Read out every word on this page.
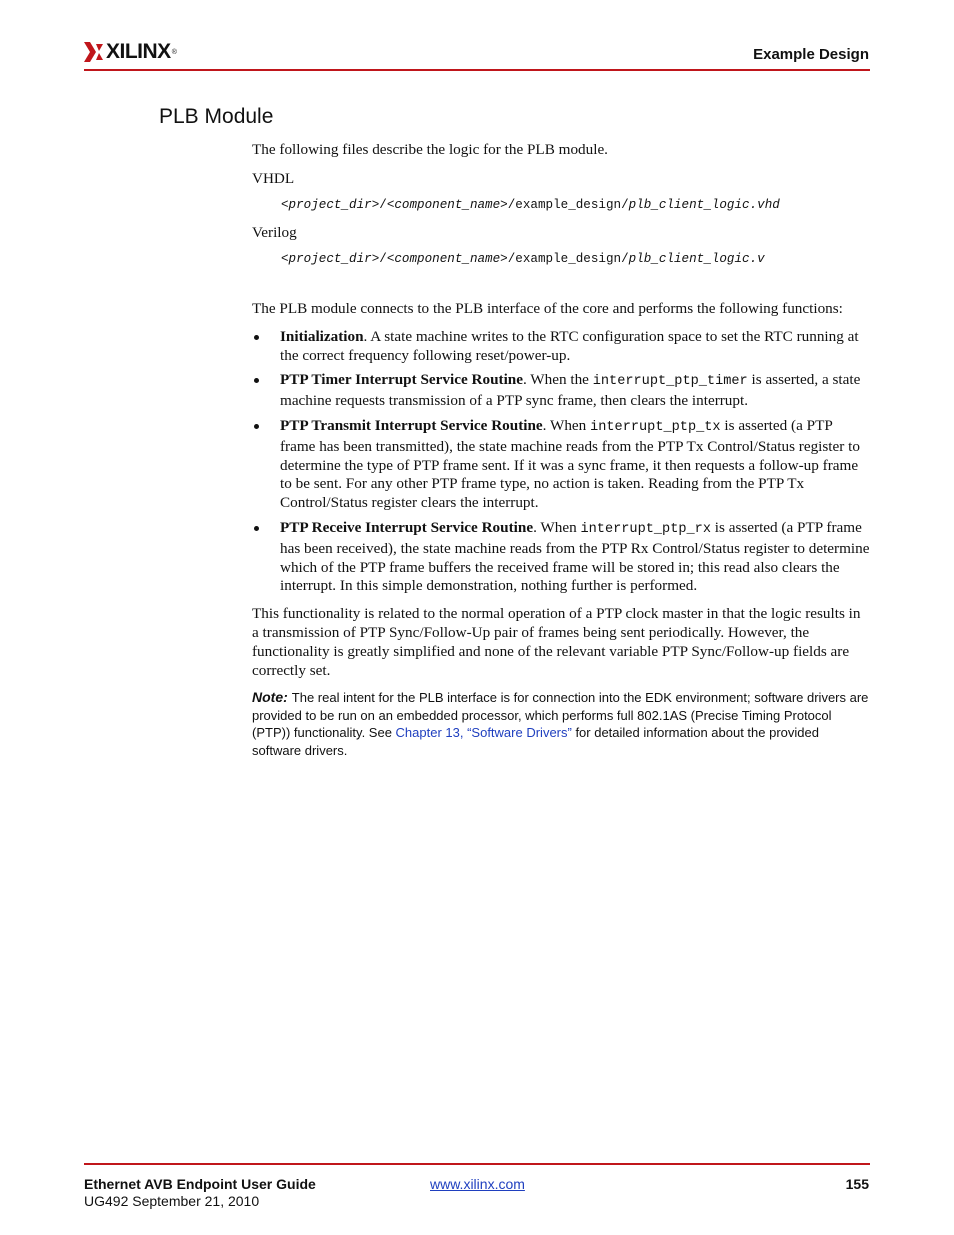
XILINX ®	Example Design
PLB Module

The following files describe the logic for the PLB module.

VHDL

<project_dir>/<component_name>/example_design/plb_client_logic.vhd

Verilog

<project_dir>/<component_name>/example_design/plb_client_logic.v

The PLB module connects to the PLB interface of the core and performs the following functions:

Initialization. A state machine writes to the RTC configuration space to set the RTC running at the correct frequency following reset/power-up.
PTP Timer Interrupt Service Routine. When the interrupt_ptp_timer is asserted, a state machine requests transmission of a PTP sync frame, then clears the interrupt.
PTP Transmit Interrupt Service Routine. When interrupt_ptp_tx is asserted (a PTP frame has been transmitted), the state machine reads from the PTP Tx Control/Status register to determine the type of PTP frame sent. If it was a sync frame, it then requests a follow-up frame to be sent. For any other PTP frame type, no action is taken. Reading from the PTP Tx Control/Status register clears the interrupt.
PTP Receive Interrupt Service Routine. When interrupt_ptp_rx is asserted (a PTP frame has been received), the state machine reads from the PTP Rx Control/Status register to determine which of the PTP frame buffers the received frame will be stored in; this read also clears the interrupt. In this simple demonstration, nothing further is performed.

This functionality is related to the normal operation of a PTP clock master in that the logic results in a transmission of PTP Sync/Follow-Up pair of frames being sent periodically. However, the functionality is greatly simplified and none of the relevant variable PTP Sync/Follow-up fields are correctly set.

Note: The real intent for the PLB interface is for connection into the EDK environment; software drivers are provided to be run on an embedded processor, which performs full 802.1AS (Precise Timing Protocol (PTP)) functionality. See Chapter 13, “Software Drivers” for detailed information about the provided software drivers.

Ethernet AVB Endpoint User Guide
UG492 September 21, 2010
www.xilinx.com	155
